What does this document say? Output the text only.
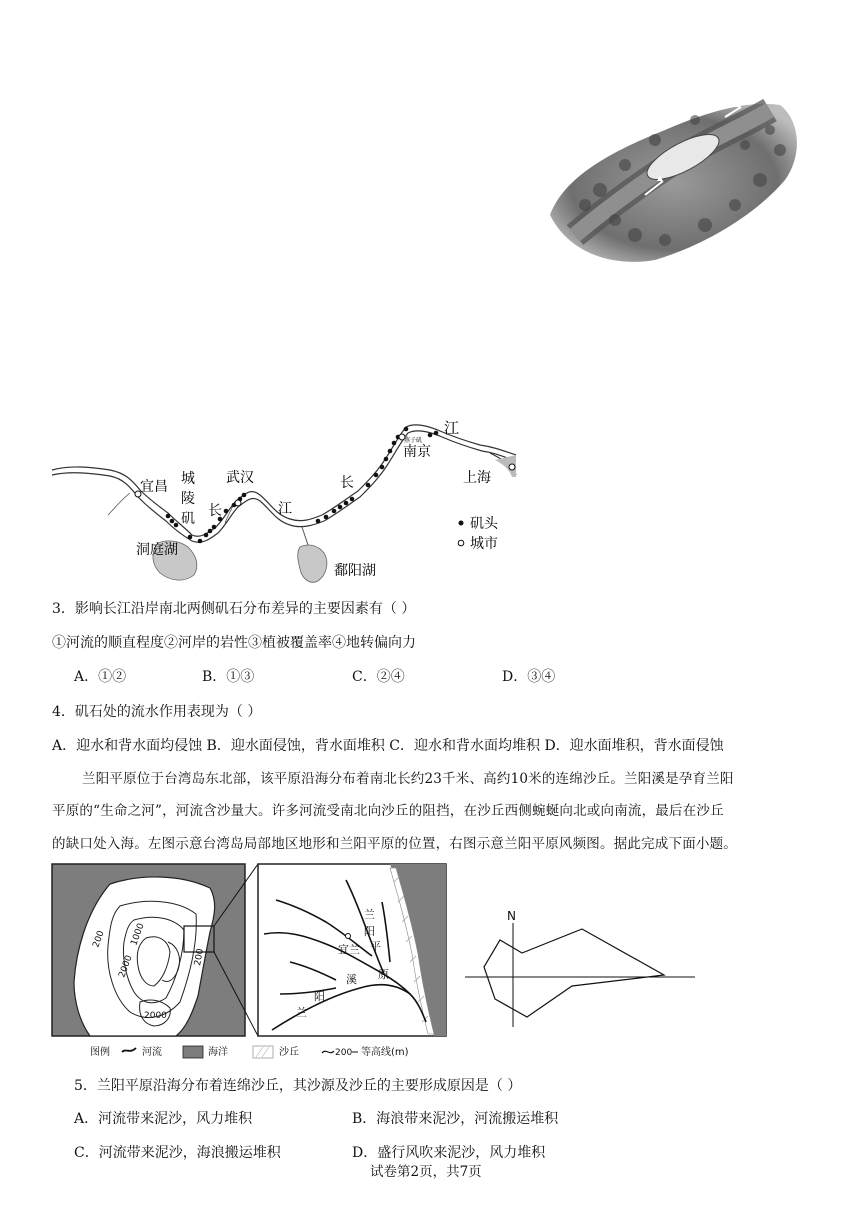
江
燕子矶
南京
上海
宜昌 城
陵
矶
武汉
长	江
长
洞庭湖
鄱阳湖
矶头
城市
3．影响长江沿岸南北两侧矶石分布差异的主要因素有（ ）
①河流的顺直程度②河岸的岩性③植被覆盖率④地转偏向力
A．①②	B．①③	C．②④	D．③④
4．矶石处的流水作用表现为（ ）
A．迎水和背水面均侵蚀 B．迎水面侵蚀，背水面堆积 C．迎水和背水面均堆积 D．迎水面堆积，背水面侵蚀
兰阳平原位于台湾岛东北部，该平原沿海分布着南北长约23千米、高约10米的连绵沙丘。兰阳溪是孕育兰阳
平原的“生命之河”，河流含沙量大。许多河流受南北向沙丘的阻挡，在沙丘西侧蜿蜒向北或向南流，最后在沙丘
的缺口处入海。左图示意台湾岛局部地区地形和兰阳平原的位置，右图示意兰阳平原风频图。据此完成下面小题。
200	1000
2000
2000
200
兰
阳
宜兰 平
原
溪
阳
兰
图例	河流	海洋	沙丘	200 等高线(m)
N
5．兰阳平原沿海分布着连绵沙丘，其沙源及沙丘的主要形成原因是（ ）
A．河流带来泥沙，风力堆积	B．海浪带来泥沙，河流搬运堆积
C．河流带来泥沙，海浪搬运堆积	D．盛行风吹来泥沙，风力堆积
试卷第2页，共7页
